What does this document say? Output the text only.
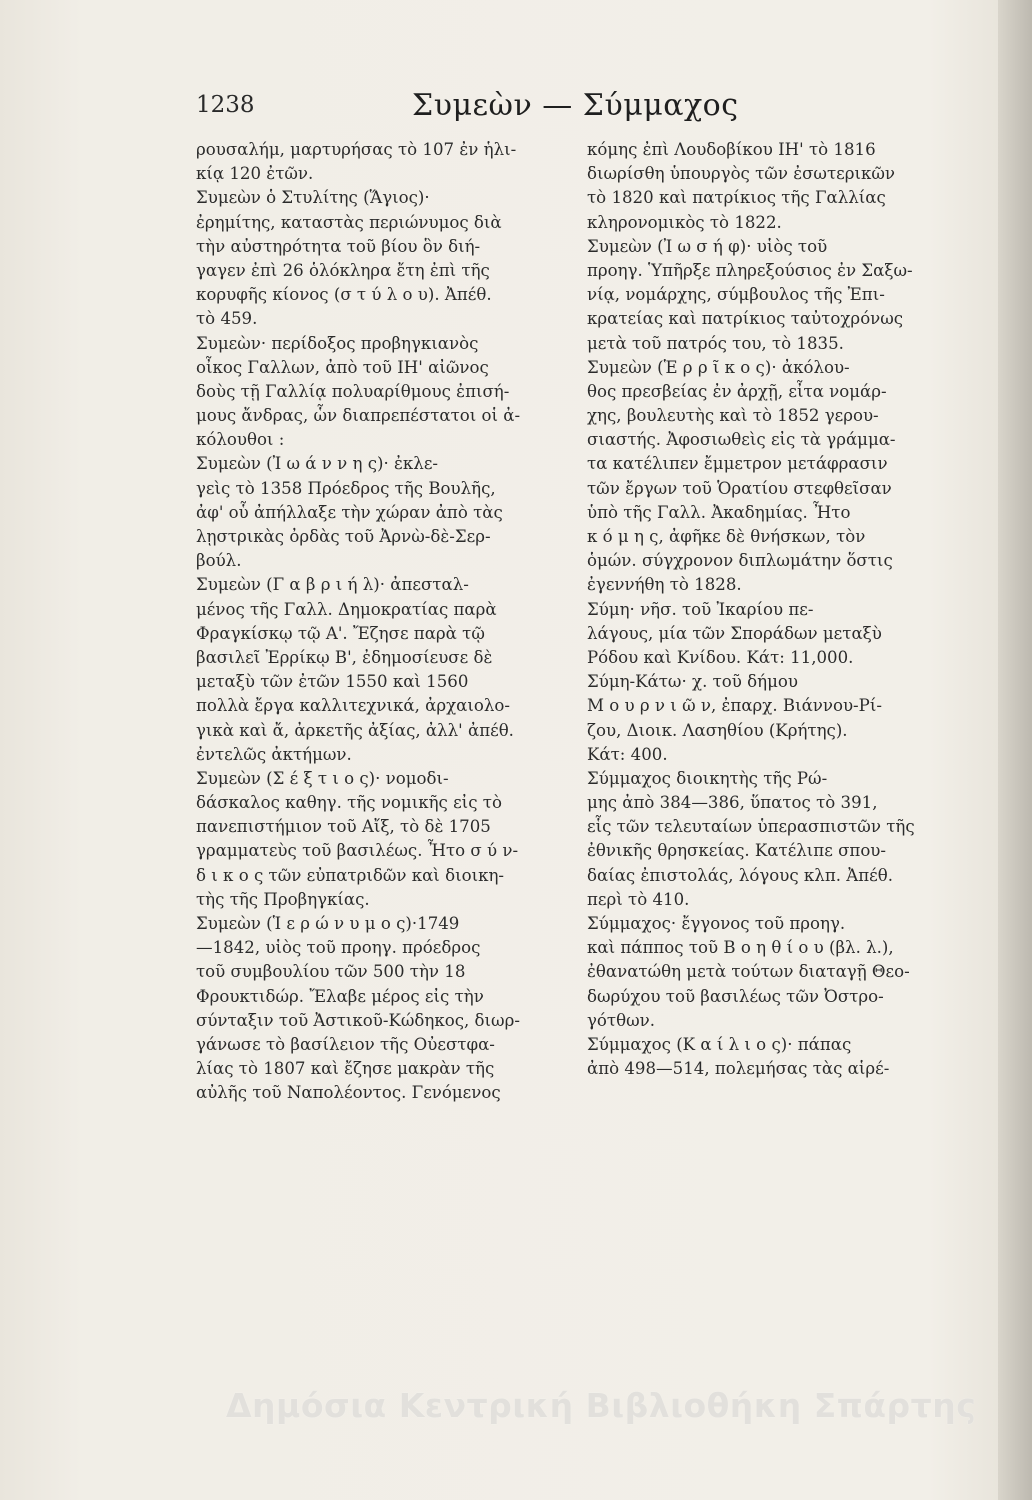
1238	Συμεὼν — Σύμμαχος
ρουσαλήμ, μαρτυρήσας τὸ 107 ἐν ἡλι-
κίᾳ 120 ἐτῶν.
Συμεὼν ὁ Στυλίτης (Ἅγιος)·
ἐρημίτης, καταστὰς περιώνυμος διὰ
τὴν αὐστηρότητα τοῦ βίου ὃν διή-
γαγεν ἐπὶ 26 ὁλόκληρα ἔτη ἐπὶ τῆς
κορυφῆς κίονος (σ τ ύ λ ο υ). Ἀπέθ.
τὸ 459.
Συμεὼν· περίδοξος προβηγκιανὸς
οἶκος Γαλλων, ἀπὸ τοῦ ΙΗ' αἰῶνος
δοὺς τῇ Γαλλίᾳ πολυαρίθμους ἐπισή-
μους ἄνδρας, ὧν διαπρεπέστατοι οἱ ἀ-
κόλουθοι :
Συμεὼν (Ἰ ω ά ν ν η ς)· ἐκλε-
γεὶς τὸ 1358 Πρόεδρος τῆς Βουλῆς,
ἀφ' οὗ ἀπήλλαξε τὴν χώραν ἀπὸ τὰς
λῃστρικὰς ὀρδὰς τοῦ Ἀρνὼ-δὲ-Σερ-
βούλ.
Συμεὼν (Γ α β ρ ι ή λ)· ἀπεσταλ-
μένος τῆς Γαλλ. Δημοκρατίας παρὰ
Φραγκίσκῳ τῷ Α'. Ἔζησε παρὰ τῷ
βασιλεῖ Ἐρρίκῳ Β', ἐδημοσίευσε δὲ
μεταξὺ τῶν ἐτῶν 1550 καὶ 1560
πολλὰ ἔργα καλλιτεχνικά, ἀρχαιολο-
γικὰ καὶ ἄ, ἀρκετῆς ἀξίας, ἀλλ' ἀπέθ.
ἐντελῶς ἀκτήμων.
Συμεὼν (Σ έ ξ τ ι ο ς)· νομοδι-
δάσκαλος καθηγ. τῆς νομικῆς εἰς τὸ
πανεπιστήμιον τοῦ Αἴξ, τὸ δὲ 1705
γραμματεὺς τοῦ βασιλέως. Ἦτο σ ύ ν-
δ ι κ ο ς τῶν εὐπατριδῶν καὶ διοικη-
τὴς τῆς Προβηγκίας.
Συμεὼν (Ἱ ε ρ ώ ν υ μ ο ς)·1749
—1842, υἱὸς τοῦ προηγ. πρόεδρος
τοῦ συμβουλίου τῶν 500 τὴν 18
Φρουκτιδώρ. Ἔλαβε μέρος εἰς τὴν
σύνταξιν τοῦ Ἀστικοῦ-Κώδηκος, διωρ-
γάνωσε τὸ βασίλειον τῆς Οὐεστφα-
λίας τὸ 1807 καὶ ἔζησε μακρὰν τῆς
αὐλῆς τοῦ Ναπολέοντος. Γενόμενος
κόμης ἐπὶ Λουδοβίκου ΙΗ' τὸ 1816
διωρίσθη ὑπουργὸς τῶν ἐσωτερικῶν
τὸ 1820 καὶ πατρίκιος τῆς Γαλλίας
κληρονομικὸς τὸ 1822.
Συμεὼν (Ἰ ω σ ή φ)· υἱὸς τοῦ
προηγ. Ὑπῆρξε πληρεξούσιος ἐν Σαξω-
νίᾳ, νομάρχης, σύμβουλος τῆς Ἐπι-
κρατείας καὶ πατρίκιος ταὐτοχρόνως
μετὰ τοῦ πατρός του, τὸ 1835.
Συμεὼν (Ἑ ρ ρ ῖ κ ο ς)· ἀκόλου-
θος πρεσβείας ἐν ἀρχῇ, εἶτα νομάρ-
χης, βουλευτὴς καὶ τὸ 1852 γερου-
σιαστής. Ἀφοσιωθεὶς εἰς τὰ γράμμα-
τα κατέλιπεν ἔμμετρον μετάφρασιν
τῶν ἔργων τοῦ Ὁρατίου στεφθεῖσαν
ὑπὸ τῆς Γαλλ. Ἀκαδημίας. Ἦτο
κ ό μ η ς, ἀφῆκε δὲ θνήσκων, τὸν
ὁμών. σύγχρονον διπλωμάτην ὅστις
ἐγεννήθη τὸ 1828.
Σύμη· νῆσ. τοῦ Ἰκαρίου πε-
λάγους, μία τῶν Σποράδων μεταξὺ
Ρόδου καὶ Κνίδου. Κάτ: 11,000.
Σύμη-Κάτω· χ. τοῦ δήμου
Μ ο υ ρ ν ι ῶ ν, ἐπαρχ. Βιάννου-Ρί-
ζου, Διοικ. Λασηθίου (Κρήτης).
Κάτ: 400.
Σύμμαχος διοικητὴς τῆς Ρώ-
μης ἀπὸ 384—386, ὕπατος τὸ 391,
εἷς τῶν τελευταίων ὑπερασπιστῶν τῆς
ἐθνικῆς θρησκείας. Κατέλιπε σπου-
δαίας ἐπιστολάς, λόγους κλπ. Ἀπέθ.
περὶ τὸ 410.
Σύμμαχος· ἔγγονος τοῦ προηγ.
καὶ πάππος τοῦ Β ο η θ ί ο υ (βλ. λ.),
ἐθανατώθη μετὰ τούτων διαταγῇ Θεο-
δωρύχου τοῦ βασιλέως τῶν Ὀστρο-
γότθων.
Σύμμαχος (Κ α ί λ ι ο ς)· πάπας
ἀπὸ 498—514, πολεμήσας τὰς αἱρέ-
Δημόσια Κεντρική Βιβλιοθήκη Σπάρτης
